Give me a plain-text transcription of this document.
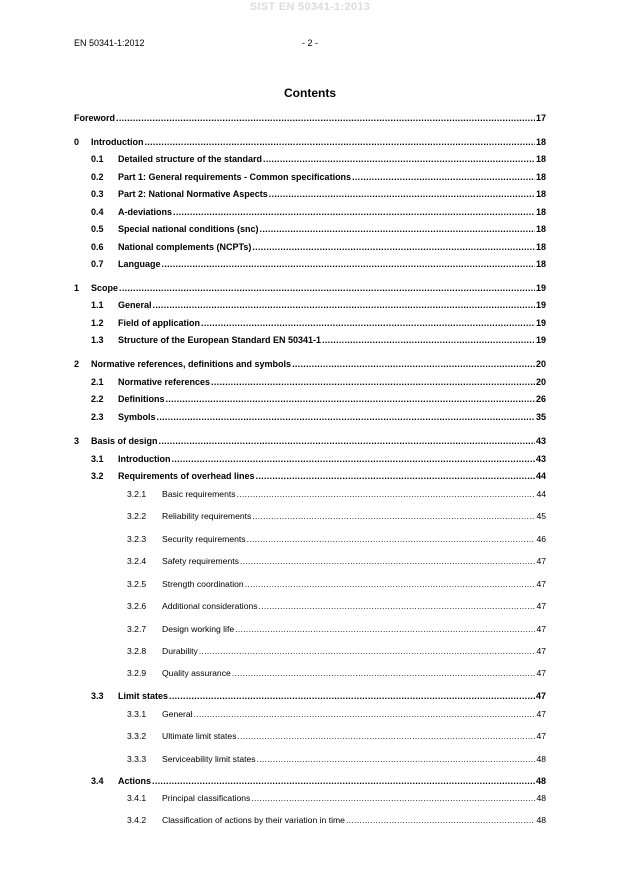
SIST EN 50341-1:2013
EN 50341-1:2012	- 2 -
Contents
Foreword .....	17
0 Introduction .....	18
0.1 Detailed structure of the standard .....	18
0.2 Part 1: General requirements - Common specifications .....	18
0.3 Part 2: National Normative Aspects .....	18
0.4 A-deviations .....	18
0.5 Special national conditions (snc) .....	18
0.6 National complements (NCPTs) .....	18
0.7 Language .....	18
1 Scope .....	19
1.1 General .....	19
1.2 Field of application .....	19
1.3 Structure of the European Standard EN 50341-1 .....	19
2 Normative references, definitions and symbols .....	20
2.1 Normative references .....	20
2.2 Definitions .....	26
2.3 Symbols .....	35
3 Basis of design .....	43
3.1 Introduction .....	43
3.2 Requirements of overhead lines .....	44
3.2.1 Basic requirements .....	44
3.2.2 Reliability requirements .....	45
3.2.3 Security requirements .....	46
3.2.4 Safety requirements .....	47
3.2.5 Strength coordination .....	47
3.2.6 Additional considerations .....	47
3.2.7 Design working life .....	47
3.2.8 Durability .....	47
3.2.9 Quality assurance .....	47
3.3 Limit states .....	47
3.3.1 General .....	47
3.3.2 Ultimate limit states .....	47
3.3.3 Serviceability limit states .....	48
3.4 Actions .....	48
3.4.1 Principal classifications .....	48
3.4.2 Classification of actions by their variation in time .....	48
